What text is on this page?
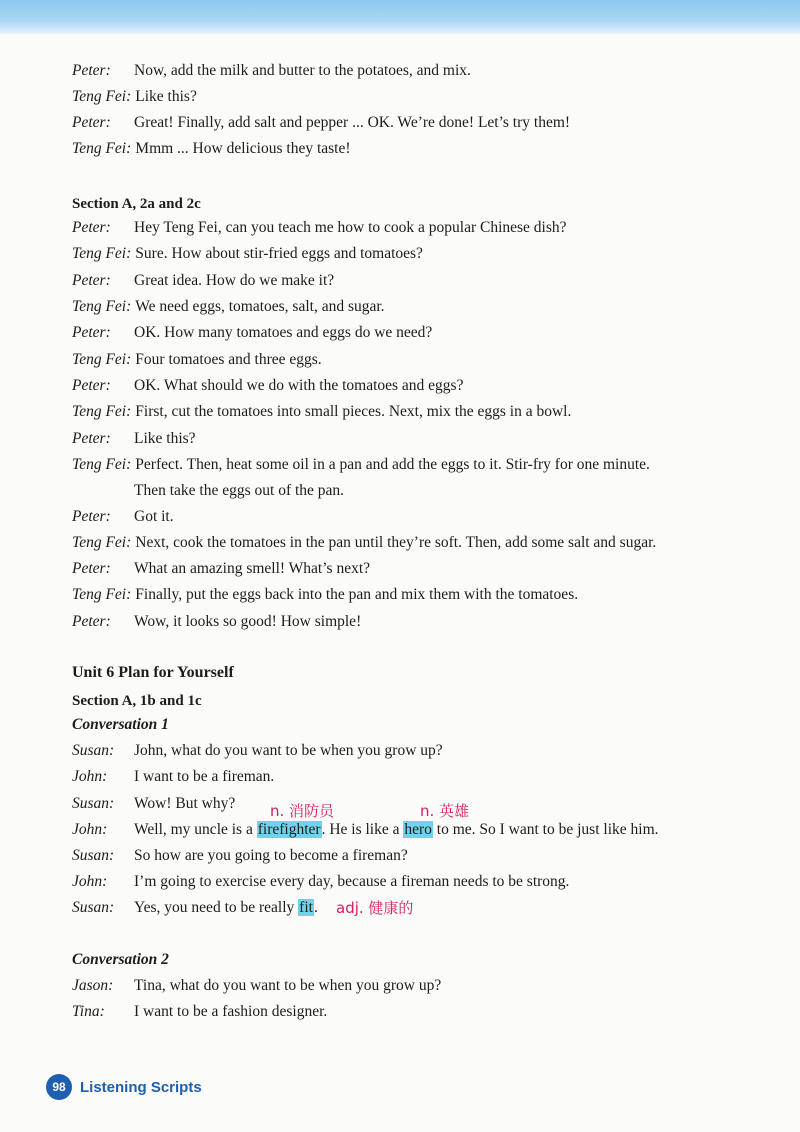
Peter: Now, add the milk and butter to the potatoes, and mix.
Teng Fei: Like this?
Peter: Great! Finally, add salt and pepper ... OK. We’re done! Let’s try them!
Teng Fei: Mmm ... How delicious they taste!
Section A, 2a and 2c
Peter: Hey Teng Fei, can you teach me how to cook a popular Chinese dish?
Teng Fei: Sure. How about stir-fried eggs and tomatoes?
Peter: Great idea. How do we make it?
Teng Fei: We need eggs, tomatoes, salt, and sugar.
Peter: OK. How many tomatoes and eggs do we need?
Teng Fei: Four tomatoes and three eggs.
Peter: OK. What should we do with the tomatoes and eggs?
Teng Fei: First, cut the tomatoes into small pieces. Next, mix the eggs in a bowl.
Peter: Like this?
Teng Fei: Perfect. Then, heat some oil in a pan and add the eggs to it. Stir-fry for one minute.
Then take the eggs out of the pan.
Peter: Got it.
Teng Fei: Next, cook the tomatoes in the pan until they’re soft. Then, add some salt and sugar.
Peter: What an amazing smell! What’s next?
Teng Fei: Finally, put the eggs back into the pan and mix them with the tomatoes.
Peter: Wow, it looks so good! How simple!
Unit 6 Plan for Yourself
Section A, 1b and 1c
Conversation 1
Susan: John, what do you want to be when you grow up?
John: I want to be a fireman.
Susan: Wow! But why?
John: Well, my uncle is a firefighter. He is like a hero to me. So I want to be just like him.
Susan: So how are you going to become a fireman?
John: I’m going to exercise every day, because a fireman needs to be strong.
Susan: Yes, you need to be really fit.
n. 消防员	n. 英雄
adj. 健康的
Conversation 2
Jason: Tina, what do you want to be when you grow up?
Tina: I want to be a fashion designer.
98 Listening Scripts
